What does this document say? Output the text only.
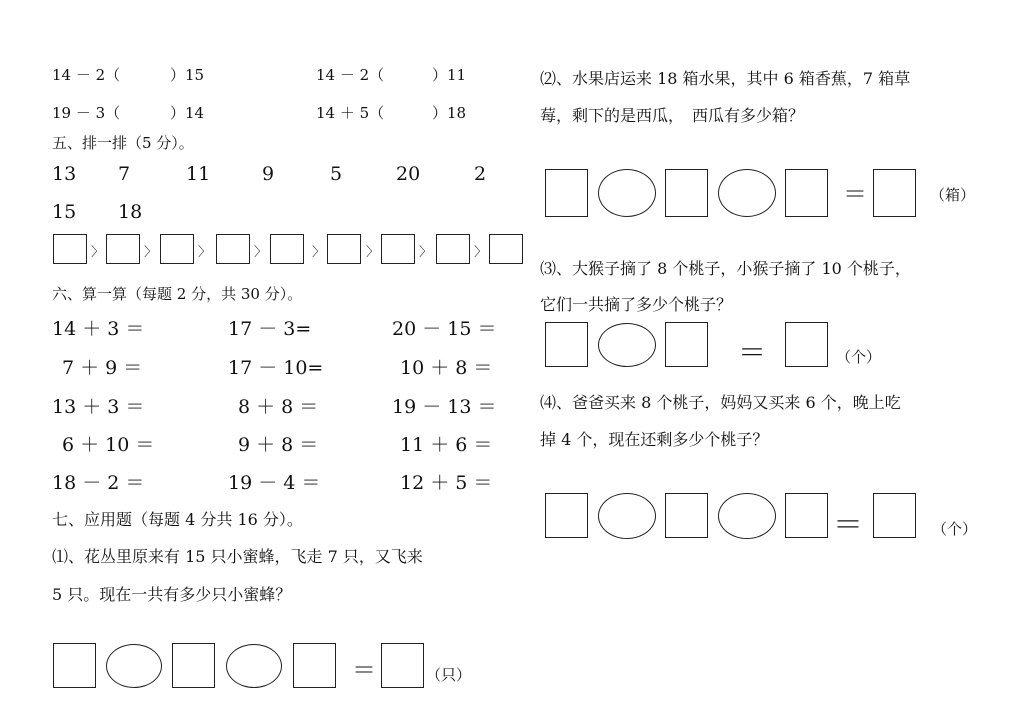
14 － 2（	）15	14 － 2（	）11
19 － 3（	）14	14 ＋ 5（	）18
五、排一排（5 分）。
13 7	11	9	5	20	2
15 18
〉	〉	〉	〉	〉	〉	〉	〉
六、算一算（每题 2 分，共 30 分）。
14 ＋ 3 ＝	17 － 3=	20 － 15 ＝
7 ＋ 9 ＝	17 － 10=	10 ＋ 8 ＝
13 ＋ 3 ＝	8 ＋ 8 ＝	19 － 13 ＝
6 ＋ 10 ＝	9 ＋ 8 ＝	11 ＋ 6 ＝
18 － 2 ＝	19 － 4 ＝	12 ＋ 5 ＝
七、应用题（每题 4 分共 16 分）。
⑴、花丛里原来有 15 只小蜜蜂，飞走 7 只，又飞来
5 只。现在一共有多少只小蜜蜂？
＝	（只）
⑵、水果店运来 18 箱水果，其中 6 箱香蕉，7 箱草
莓，剩下的是西瓜，　西瓜有多少箱？
＝	（箱）
⑶、大猴子摘了 8 个桃子，小猴子摘了 10 个桃子，
它们一共摘了多少个桃子？
＝	（个）
⑷、爸爸买来 8 个桃子，妈妈又买来 6 个，晚上吃
掉 4 个，现在还剩多少个桃子？
＝	（个）
